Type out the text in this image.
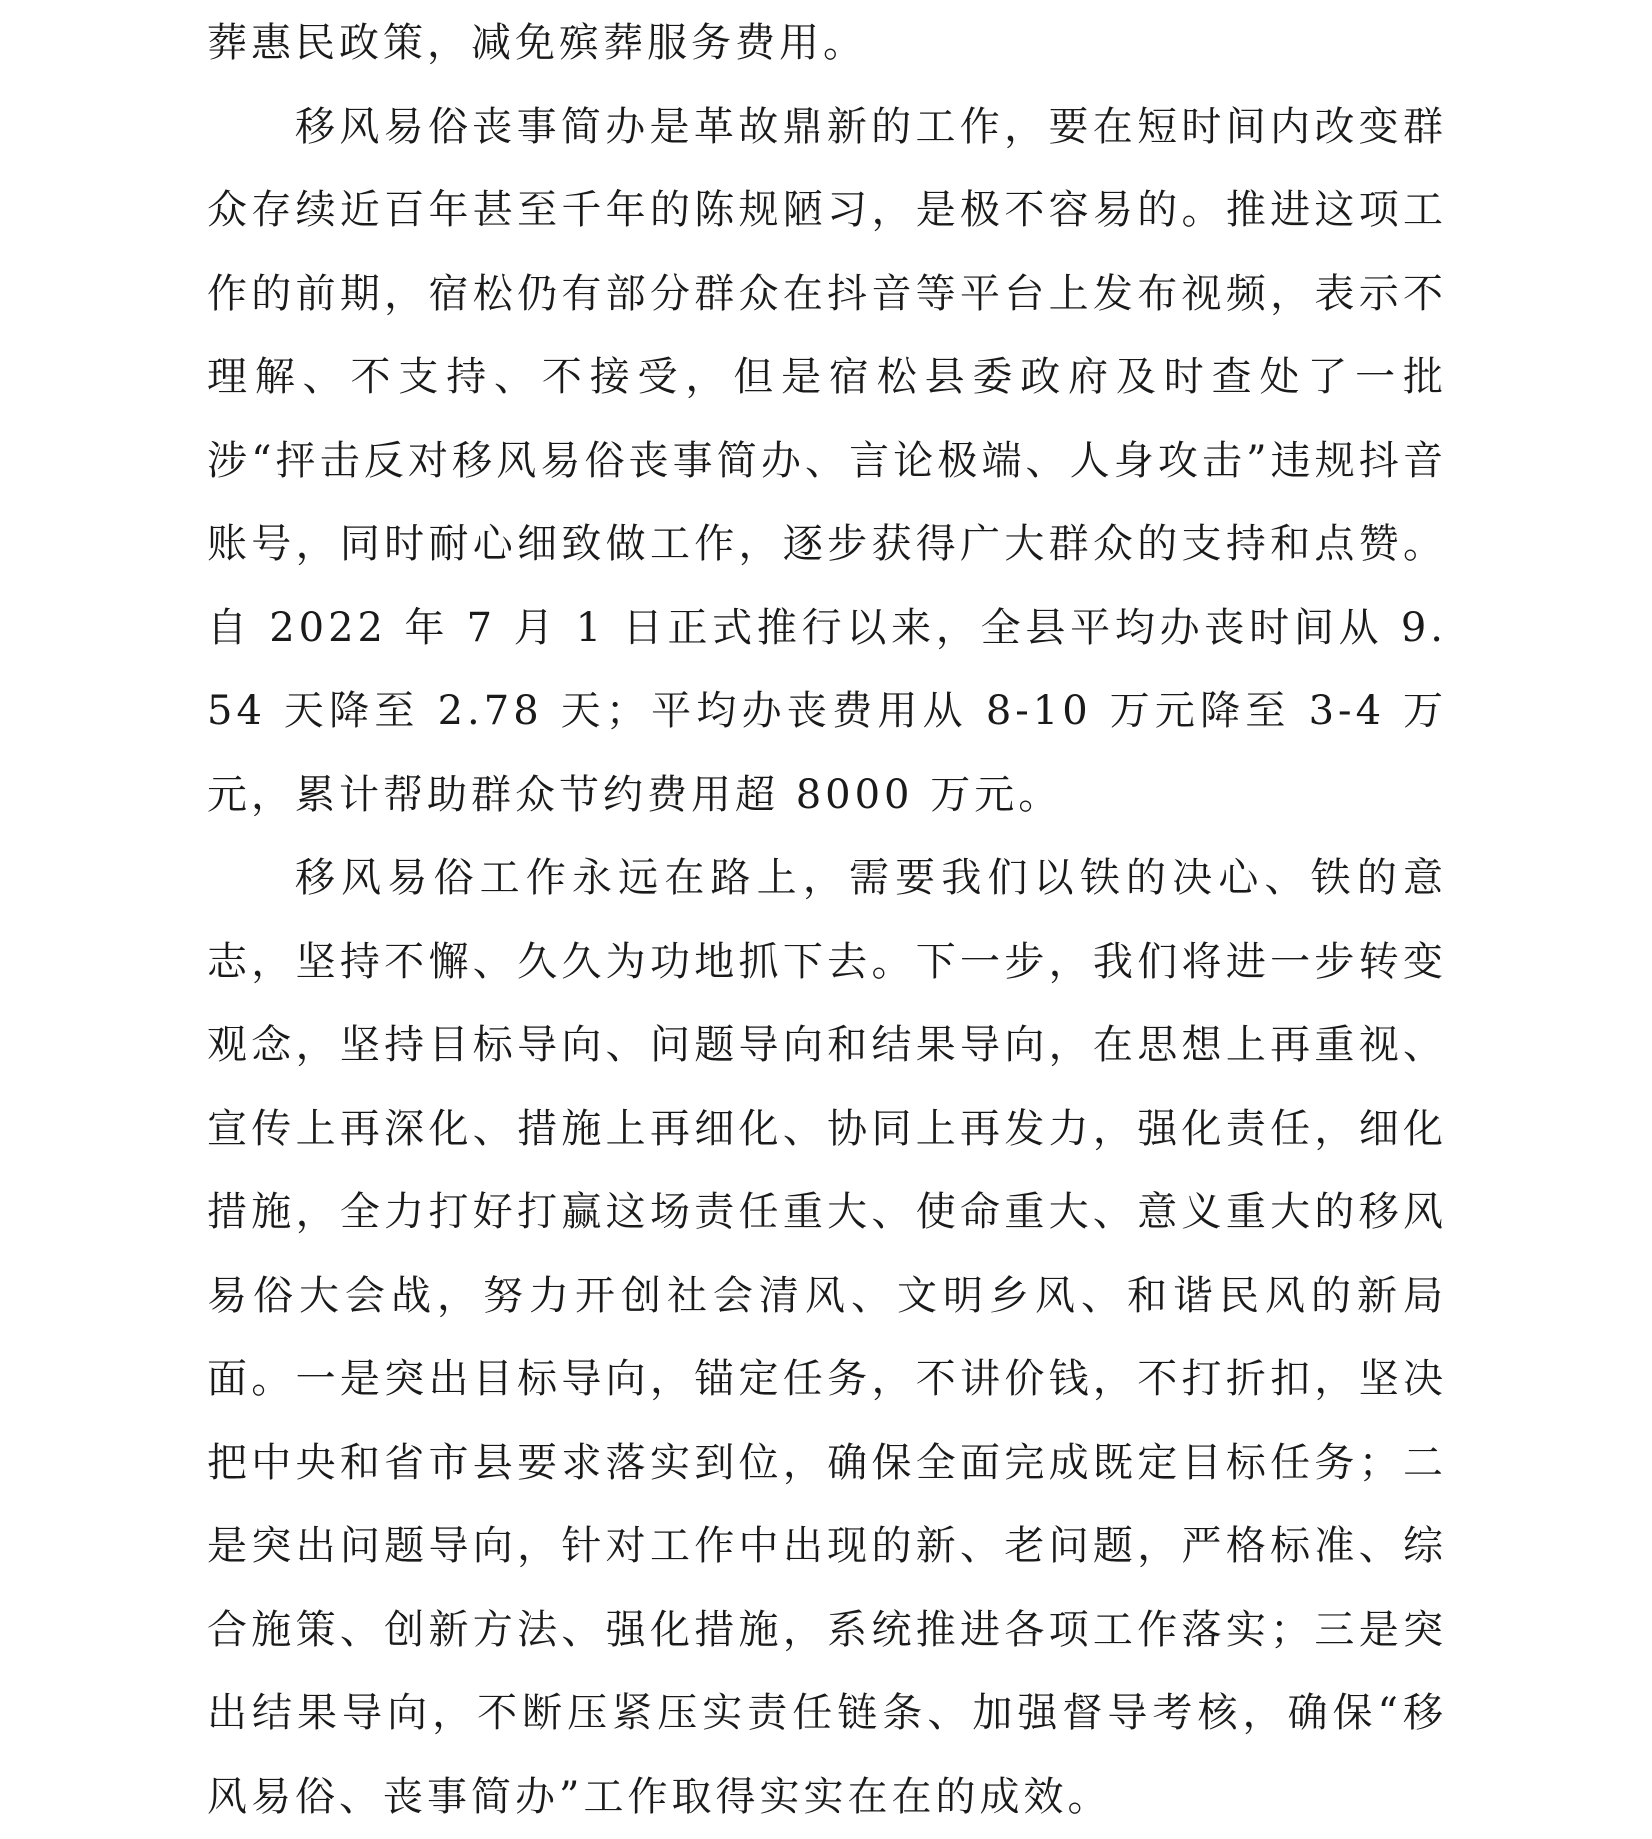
葬惠民政策，减免殡葬服务费用。

移风易俗丧事简办是革故鼎新的工作，要在短时间内改变群众存续近百年甚至千年的陈规陋习，是极不容易的。推进这项工作的前期，宿松仍有部分群众在抖音等平台上发布视频，表示不理解、不支持、不接受，但是宿松县委政府及时查处了一批涉“抨击反对移风易俗丧事简办、言论极端、人身攻击”违规抖音账号，同时耐心细致做工作，逐步获得广大群众的支持和点赞。自 2022 年 7 月 1 日正式推行以来，全县平均办丧时间从 9.54 天降至 2.78 天；平均办丧费用从 8-10 万元降至 3-4 万元，累计帮助群众节约费用超 8000 万元。

移风易俗工作永远在路上，需要我们以铁的决心、铁的意志，坚持不懈、久久为功地抓下去。下一步，我们将进一步转变观念，坚持目标导向、问题导向和结果导向，在思想上再重视、宣传上再深化、措施上再细化、协同上再发力，强化责任，细化措施，全力打好打赢这场责任重大、使命重大、意义重大的移风易俗大会战，努力开创社会清风、文明乡风、和谐民风的新局面。一是突出目标导向，锚定任务，不讲价钱，不打折扣，坚决把中央和省市县要求落实到位，确保全面完成既定目标任务；二是突出问题导向，针对工作中出现的新、老问题，严格标准、综合施策、创新方法、强化措施，系统推进各项工作落实；三是突出结果导向，不断压紧压实责任链条、加强督导考核，确保“移风易俗、丧事简办”工作取得实实在在的成效。
